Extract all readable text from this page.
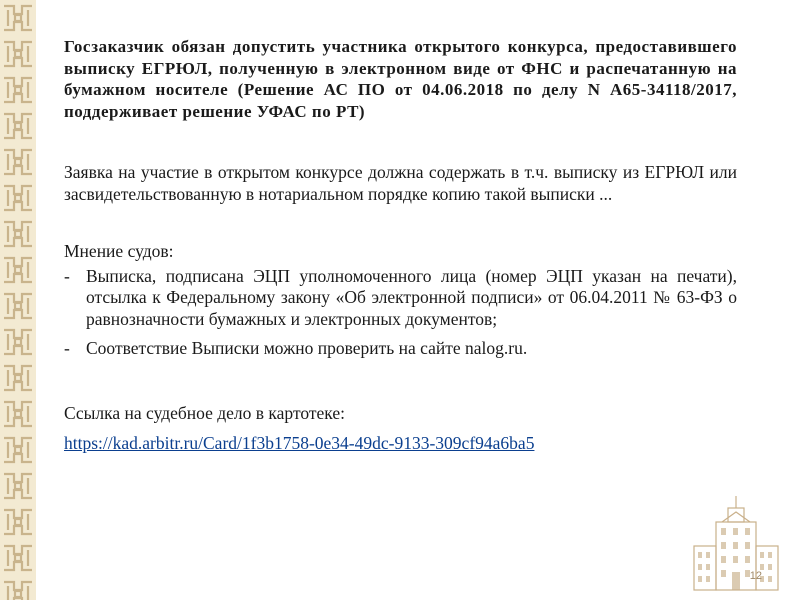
Госзаказчик обязан допустить участника открытого конкурса, предоставившего выписку ЕГРЮЛ, полученную в электронном виде от ФНС и распечатанную на бумажном носителе (Решение АС ПО от 04.06.2018 по делу N А65-34118/2017, поддерживает решение УФАС по РТ)

Заявка на участие в открытом конкурсе должна содержать в т.ч. выписку из ЕГРЮЛ или засвидетельствованную в нотариальном порядке копию такой выписки ...

Мнение судов:

- Выписка, подписана ЭЦП уполномоченного лица (номер ЭЦП указан на печати), отсылка к Федеральному закону «Об электронной подписи» от 06.04.2011 № 63-ФЗ о равнозначности бумажных и электронных документов;
- Соответствие Выписки можно проверить на сайте nalog.ru.

Ссылка на судебное дело в картотеке:

https://kad.arbitr.ru/Card/1f3b1758-0e34-49dc-9133-309cf94a6ba5
12
